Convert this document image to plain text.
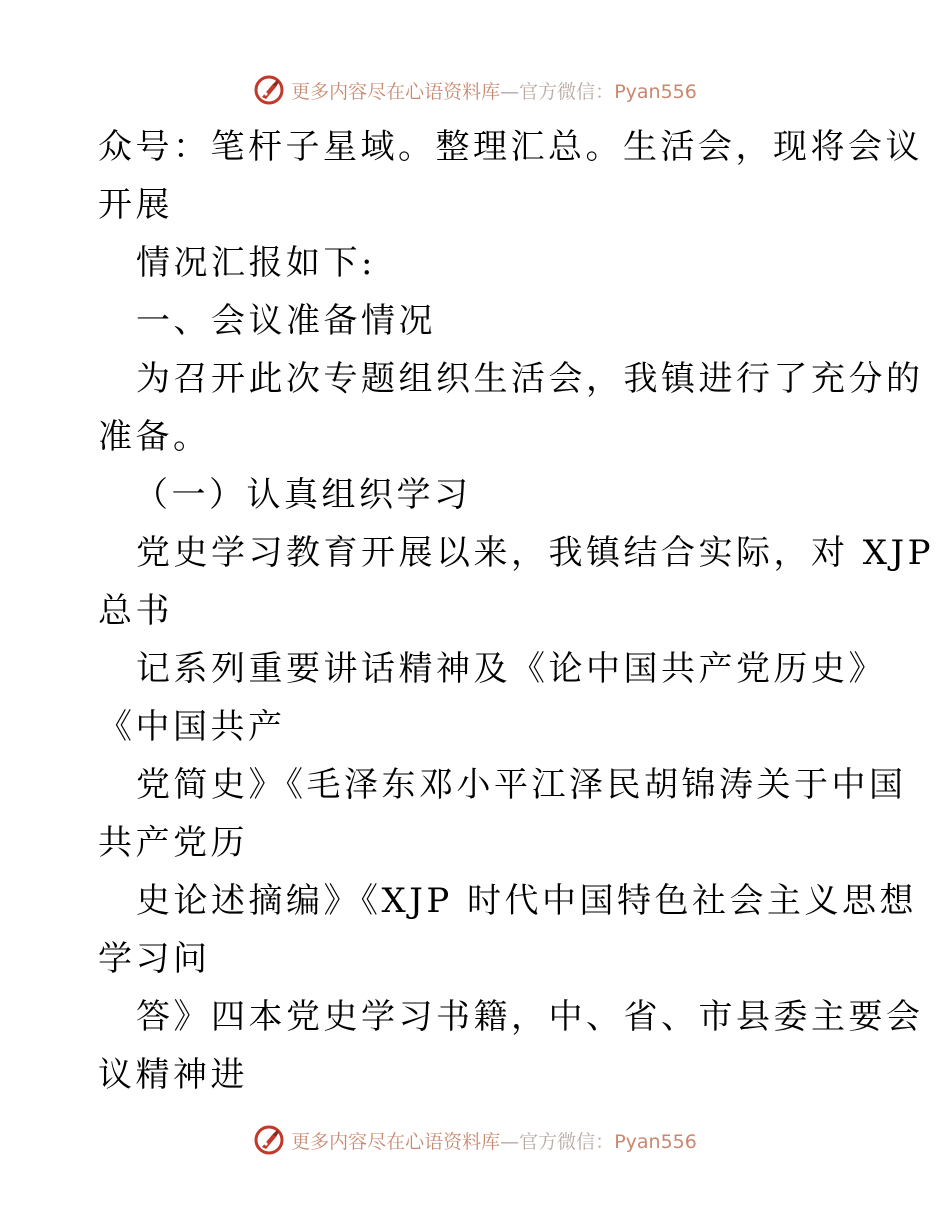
更多内容尽在心语资料库—官方微信：Pyan556
众号：笔杆子星域。整理汇总。生活会，现将会议
开展
情况汇报如下:
一、会议准备情况
为召开此次专题组织生活会，我镇进行了充分的
准备。
（一）认真组织学习
党史学习教育开展以来，我镇结合实际，对 XJP
总书
记系列重要讲话精神及《论中国共产党历史》
《中国共产
党简史》《毛泽东邓小平江泽民胡锦涛关于中国
共产党历
史论述摘编》《XJP 时代中国特色社会主义思想
学习问
答》四本党史学习书籍，中、省、市县委主要会
议精神进
更多内容尽在心语资料库—官方微信：Pyan556
